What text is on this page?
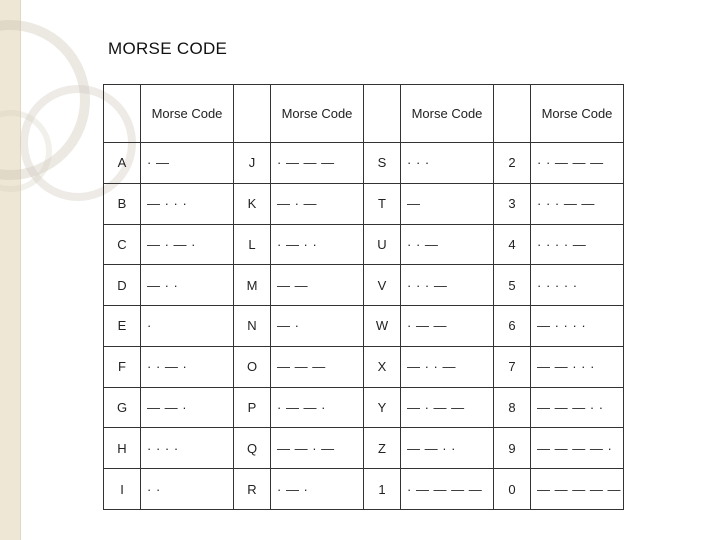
MORSE CODE
	Morse Code		Morse Code		Morse Code		Morse Code
A	· —	J	· — — —	S	· · ·	2	· · — — —
B	— · · ·	K	— · —	T	—	3	· · · — —
C	— · — ·	L	· — · ·	U	· · —	4	· · · · —
D	— · ·	M	— —	V	· · · —	5	· · · · ·
E	·	N	— ·	W	· — —	6	— · · · ·
F	· · — ·	O	— — —	X	— · · —	7	— — · · ·
G	— — ·	P	· — — ·	Y	— · — —	8	— — — · ·
H	· · · ·	Q	— — · —	Z	— — · ·	9	— — — — ·
I	· ·	R	· — ·	1	· — — — —	0	— — — — —
